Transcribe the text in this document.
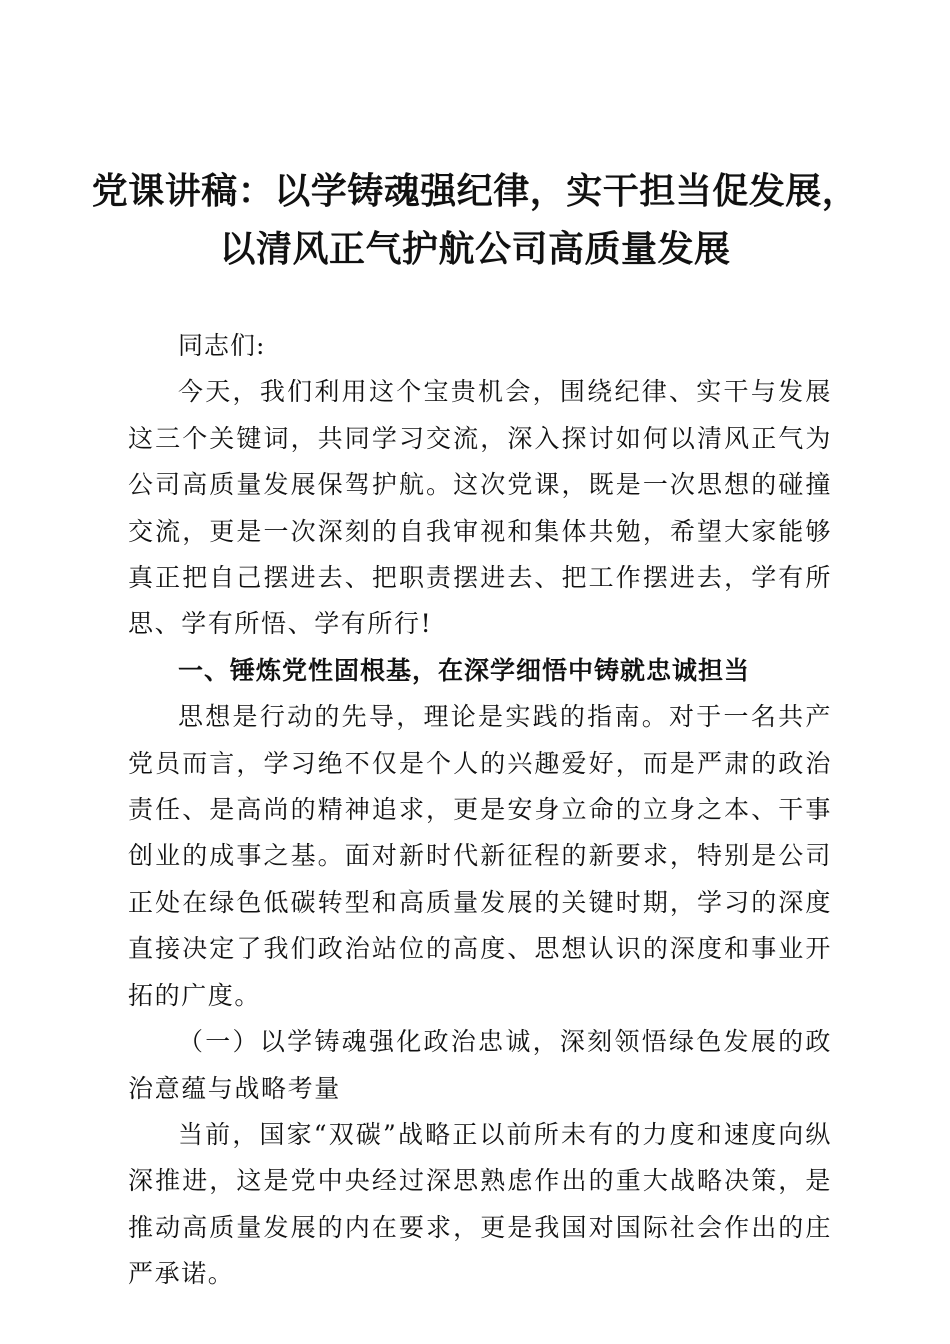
党课讲稿：以学铸魂强纪律，实干担当促发展，
以清风正气护航公司高质量发展

同志们:

今天，我们利用这个宝贵机会，围绕纪律、实干与发展这三个关键词，共同学习交流，深入探讨如何以清风正气为公司高质量发展保驾护航。这次党课，既是一次思想的碰撞交流，更是一次深刻的自我审视和集体共勉，希望大家能够真正把自己摆进去、把职责摆进去、把工作摆进去，学有所思、学有所悟、学有所行!

一、锤炼党性固根基，在深学细悟中铸就忠诚担当

思想是行动的先导，理论是实践的指南。对于一名共产党员而言，学习绝不仅是个人的兴趣爱好，而是严肃的政治责任、是高尚的精神追求，更是安身立命的立身之本、干事创业的成事之基。面对新时代新征程的新要求，特别是公司正处在绿色低碳转型和高质量发展的关键时期，学习的深度直接决定了我们政治站位的高度、思想认识的深度和事业开拓的广度。

（一）以学铸魂强化政治忠诚，深刻领悟绿色发展的政治意蕴与战略考量

当前，国家“双碳”战略正以前所未有的力度和速度向纵深推进，这是党中央经过深思熟虑作出的重大战略决策，是推动高质量发展的内在要求，更是我国对国际社会作出的庄严承诺。
